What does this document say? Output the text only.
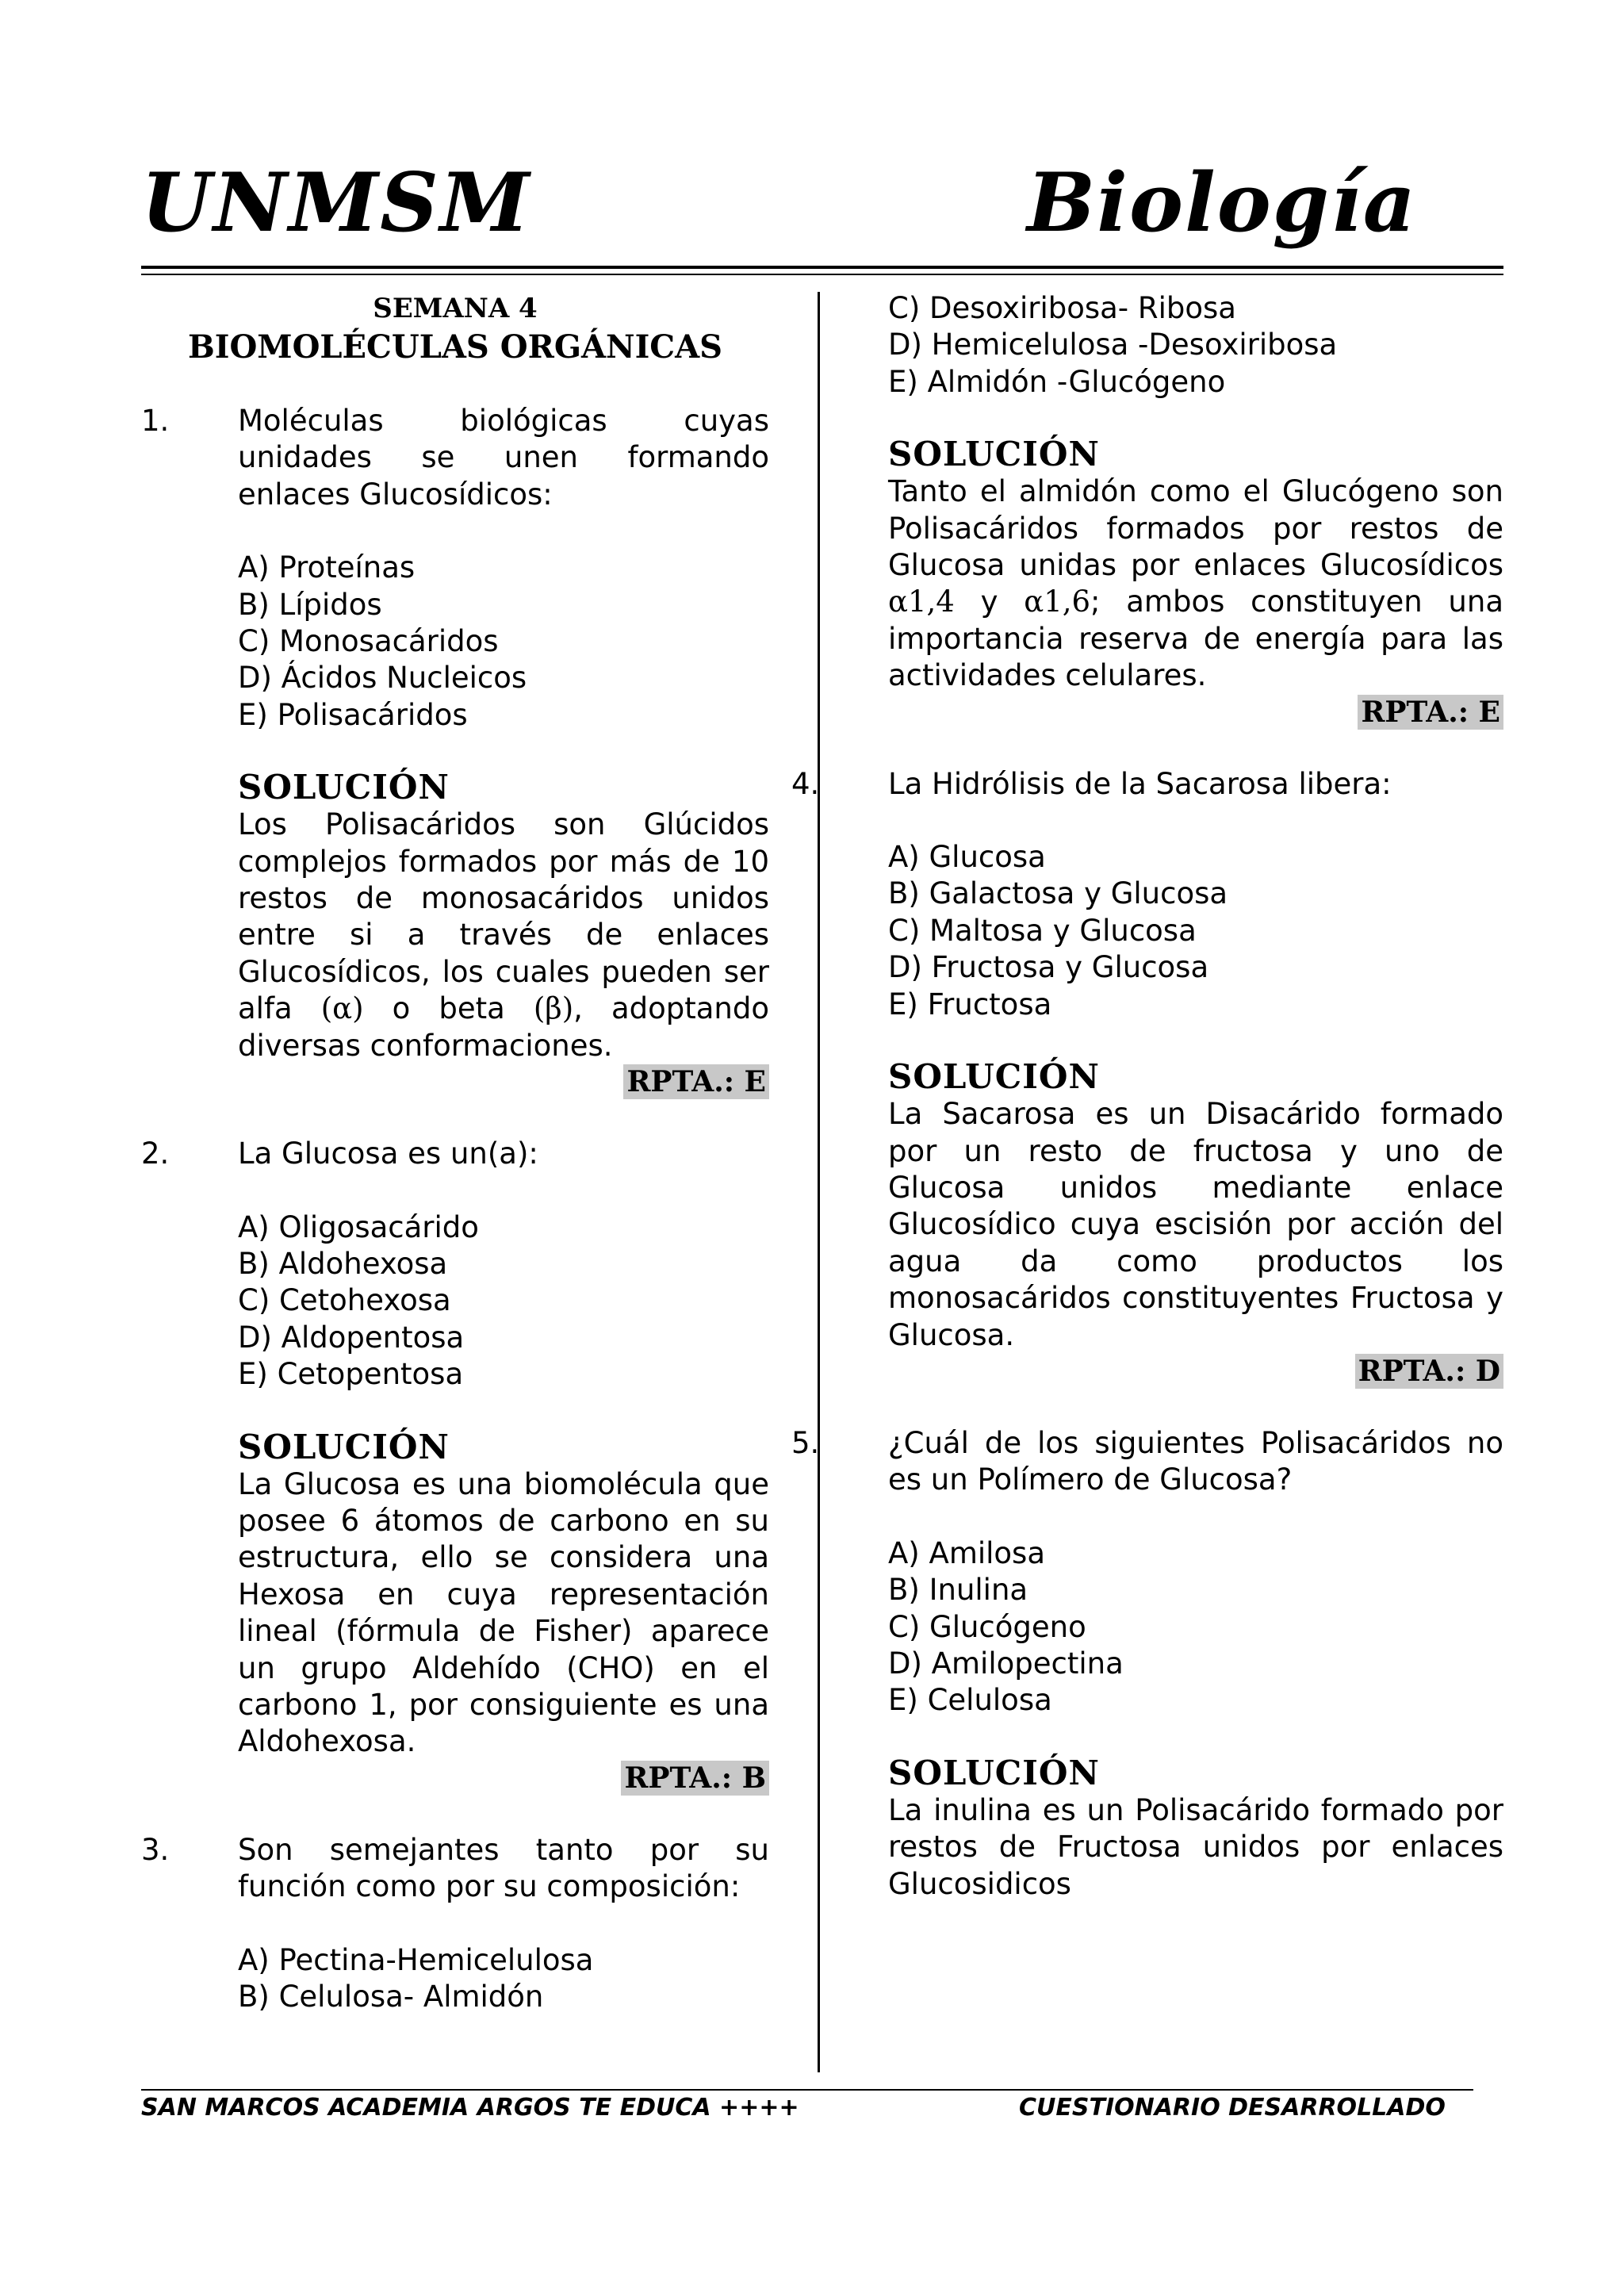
UNMSM	Biología
SEMANA 4
BIOMOLÉCULAS ORGÁNICAS
1.	Moléculas biológicas cuyas unidades se unen formando enlaces Glucosídicos:
A) Proteínas
B) Lípidos
C) Monosacáridos
D) Ácidos Nucleicos
E) Polisacáridos
SOLUCIÓN
Los Polisacáridos son Glúcidos complejos formados por más de 10 restos de monosacáridos unidos entre si a través de enlaces Glucosídicos, los cuales pueden ser alfa (α) o beta (β), adoptando diversas conformaciones.
RPTA.: E
2.	La Glucosa es un(a):
A) Oligosacárido
B) Aldohexosa
C) Cetohexosa
D) Aldopentosa
E) Cetopentosa
SOLUCIÓN
La Glucosa es una biomolécula que posee 6 átomos de carbono en su estructura, ello se considera una Hexosa en cuya representación lineal (fórmula de Fisher) aparece un grupo Aldehído (CHO) en el carbono 1, por consiguiente es una Aldohexosa.
RPTA.: B
3.	Son semejantes tanto por su función como por su composición:
A) Pectina-Hemicelulosa
B) Celulosa- Almidón
C) Desoxiribosa- Ribosa
D) Hemicelulosa -Desoxiribosa
E) Almidón -Glucógeno
SOLUCIÓN
Tanto el almidón como el Glucógeno son Polisacáridos formados por restos de Glucosa unidas por enlaces Glucosídicos α1,4 y α1,6; ambos constituyen una importancia reserva de energía para las actividades celulares.
RPTA.: E
4.	La Hidrólisis de la Sacarosa libera:
A) Glucosa
B) Galactosa y Glucosa
C) Maltosa y Glucosa
D) Fructosa y Glucosa
E) Fructosa
SOLUCIÓN
La Sacarosa es un Disacárido formado por un resto de fructosa y uno de Glucosa unidos mediante enlace Glucosídico cuya escisión por acción del agua da como productos los monosacáridos constituyentes Fructosa y Glucosa.
RPTA.: D
5.	¿Cuál de los siguientes Polisacáridos no es un Polímero de Glucosa?
A) Amilosa
B) Inulina
C) Glucógeno
D) Amilopectina
E) Celulosa
SOLUCIÓN
La inulina es un Polisacárido formado por restos de Fructosa unidos por enlaces Glucosidicos
SAN MARCOS ACADEMIA ARGOS TE EDUCA ++++	CUESTIONARIO DESARROLLADO
